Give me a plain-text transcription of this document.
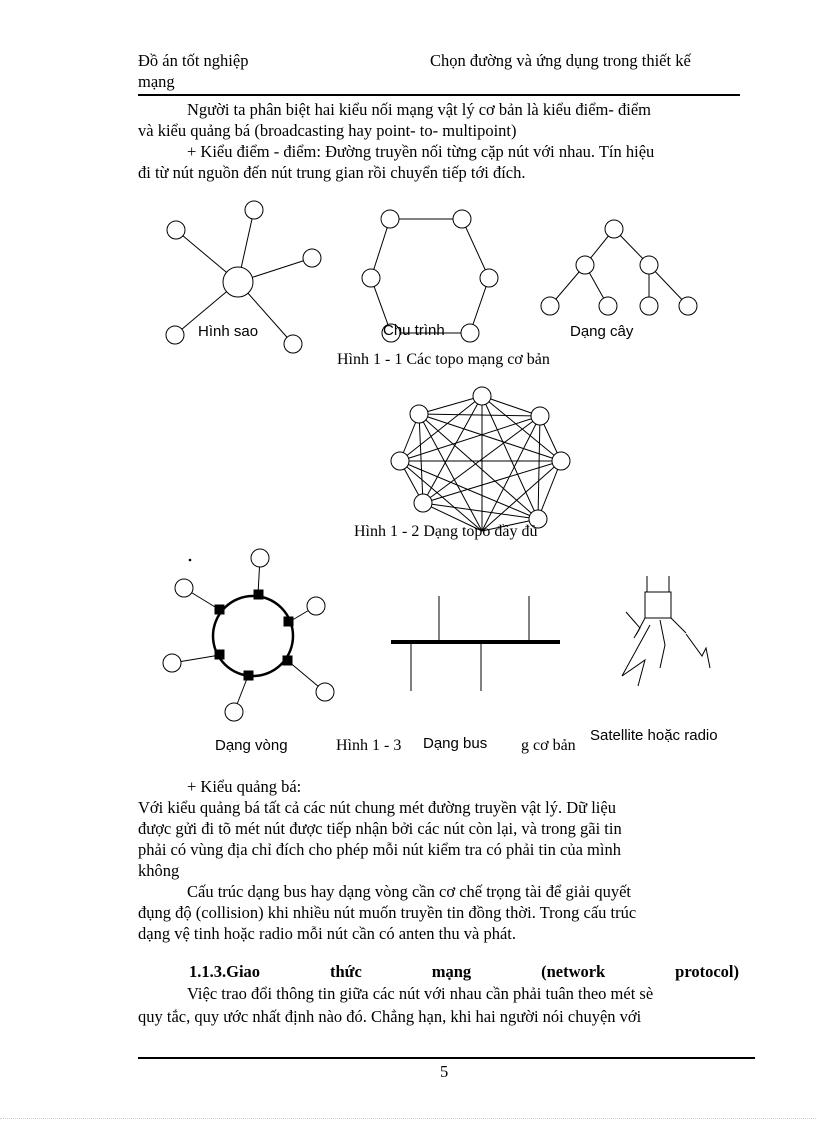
Đồ án tốt nghiệp
mạng
Chọn đường và ứng dụng trong thiết kế
Người ta phân biệt hai kiểu nối mạng vật lý cơ bản là kiểu điểm- điểm
và kiểu quảng bá (broadcasting hay point- to- multipoint)
+ Kiểu điểm - điểm: Đường truyền nối từng cặp nút với nhau. Tín hiệu
đi từ nút nguồn đến nút trung gian rồi chuyển tiếp tới đích.
Hình sao	Chu trình	Dạng cây
Hình 1 - 1 Các topo mạng cơ bản
Hình 1 - 2 Dạng topo đầy đủ
Dạng vòng	Hình 1 - 3 Dạng bus g cơ bản
Satellite hoặc radio
+ Kiểu quảng bá:
Với kiểu quảng bá tất cả các nút chung mét đường truyền vật lý. Dữ liệu
được gửi đi tõ mét nút được tiếp nhận bởi các nút còn lại, và trong gãi tin
phải có vùng địa chỉ đích cho phép mỗi nút kiểm tra có phải tin của mình
không
Cấu trúc dạng bus hay dạng vòng cần cơ chế trọng tài để giải quyết
đụng độ (collision) khi nhiều nút muốn truyền tin đồng thời. Trong cấu trúc
dạng vệ tinh hoặc radio mỗi nút cần có anten thu và phát.
1.1.3.Giao thức mạng (network protocol)
Việc trao đổi thông tin giữa các nút với nhau cần phải tuân theo mét sè
quy tắc, quy ước nhất định nào đó. Chẳng hạn, khi hai người nói chuyện với
5
